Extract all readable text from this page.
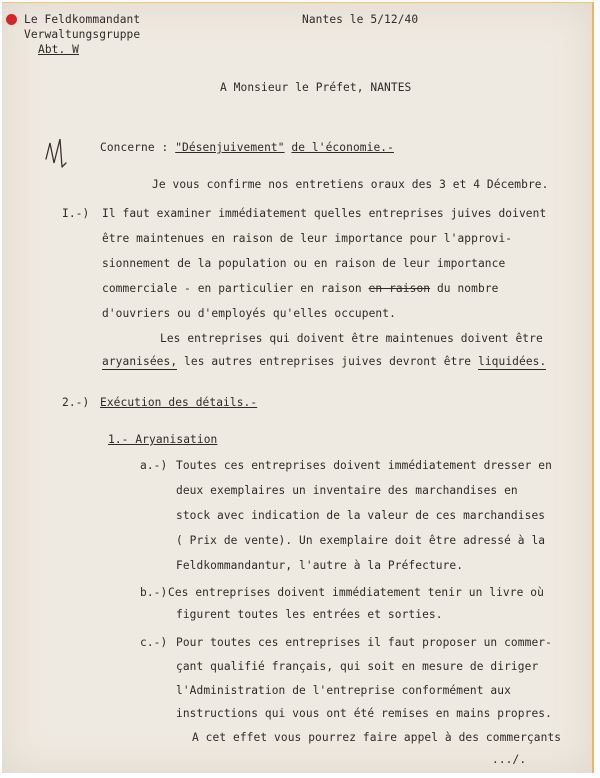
Le Feldkommandant
Verwaltungsgruppe
Abt. W
Nantes le 5/12/40
A Monsieur le Préfet, NANTES
Concerne : "Désenjuivement" de l'économie.-
Je vous confirme nos entretiens oraux des 3 et 4 Décembre.
I.-) Il faut examiner immédiatement quelles entreprises juives doivent
être maintenues en raison de leur importance pour l'approvi-
sionnement de la population ou en raison de leur importance
commerciale - en particulier en raison en raison du nombre
d'ouvriers ou d'employés qu'elles occupent.
Les entreprises qui doivent être maintenues doivent être
aryanisées, les autres entreprises juives devront être liquidées.
2.-) Exécution des détails.-
1.- Aryanisation
a.-) Toutes ces entreprises doivent immédiatement dresser en
deux exemplaires un inventaire des marchandises en
stock avec indication de la valeur de ces marchandises
( Prix de vente). Un exemplaire doit être adressé à la
Feldkommandantur, l'autre à la Préfecture.
b.-) Ces entreprises doivent immédiatement tenir un livre où
figurent toutes les entrées et sorties.
c.-) Pour toutes ces entreprises il faut proposer un commer-
çant qualifié français, qui soit en mesure de diriger
l'Administration de l'entreprise conformément aux
instructions qui vous ont été remises en mains propres.
A cet effet vous pourrez faire appel à des commerçants
.../.
